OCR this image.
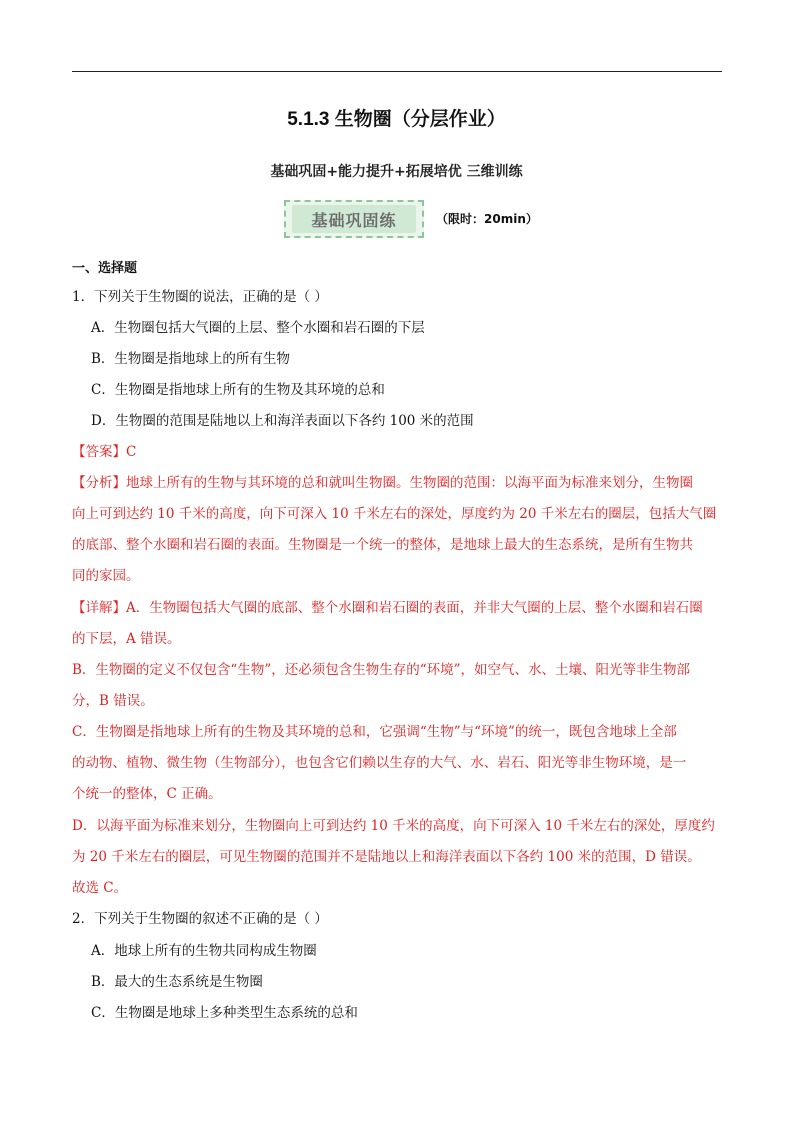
5.1.3 生物圈（分层作业）
基础巩固+能力提升+拓展培优 三维训练
基础巩固练	（限时：20min）
一、选择题
1．下列关于生物圈的说法，正确的是（ ）
A．生物圈包括大气圈的上层、整个水圈和岩石圈的下层
B．生物圈是指地球上的所有生物
C．生物圈是指地球上所有的生物及其环境的总和
D．生物圈的范围是陆地以上和海洋表面以下各约 100 米的范围
【答案】C
【分析】地球上所有的生物与其环境的总和就叫生物圈。生物圈的范围：以海平面为标准来划分，生物圈
向上可到达约 10 千米的高度，向下可深入 10 千米左右的深处，厚度约为 20 千米左右的圈层，包括大气圈
的底部、整个水圈和岩石圈的表面。生物圈是一个统一的整体，是地球上最大的生态系统，是所有生物共
同的家园。
【详解】A．生物圈包括大气圈的底部、整个水圈和岩石圈的表面，并非大气圈的上层、整个水圈和岩石圈
的下层，A 错误。
B．生物圈的定义不仅包含“生物”，还必须包含生物生存的“环境”，如空气、水、土壤、阳光等非生物部
分，B 错误。
C．生物圈是指地球上所有的生物及其环境的总和，它强调“生物”与“环境”的统一，既包含地球上全部
的动物、植物、微生物（生物部分），也包含它们赖以生存的大气、水、岩石、阳光等非生物环境，是一
个统一的整体，C 正确。
D．以海平面为标准来划分，生物圈向上可到达约 10 千米的高度，向下可深入 10 千米左右的深处，厚度约
为 20 千米左右的圈层，可见生物圈的范围并不是陆地以上和海洋表面以下各约 100 米的范围，D 错误。
故选 C。
2．下列关于生物圈的叙述不正确的是（ ）
A．地球上所有的生物共同构成生物圈
B．最大的生态系统是生物圈
C．生物圈是地球上多种类型生态系统的总和
